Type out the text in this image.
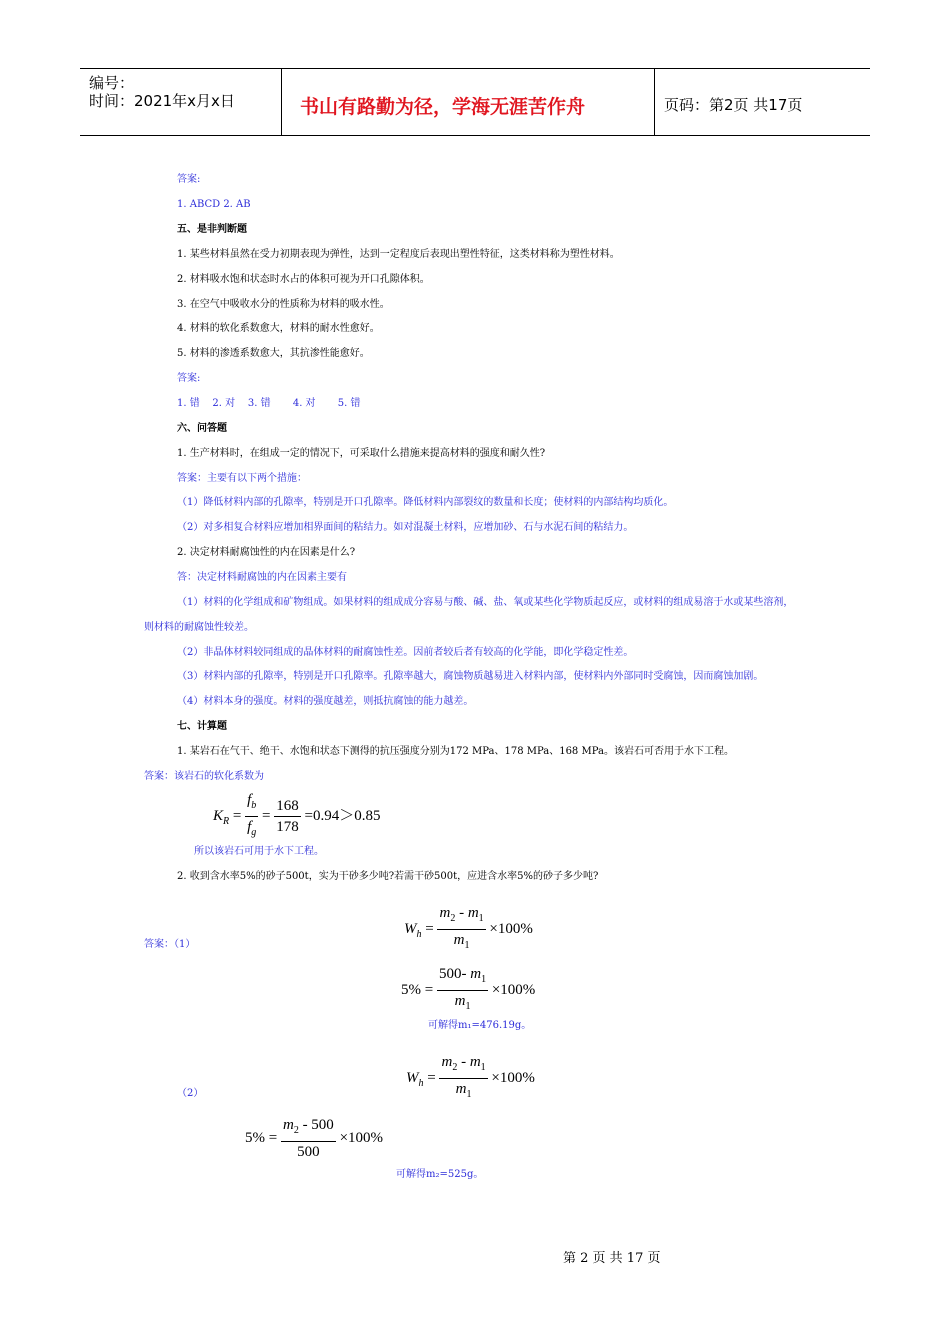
编号：
时间：2021年x月x日	书山有路勤为径，学海无涯苦作舟	页码：第2页 共17页
答案:
1. ABCD 2. AB
五、是非判断题
1. 某些材料虽然在受力初期表现为弹性，达到一定程度后表现出塑性特征，这类材料称为塑性材料。
2. 材料吸水饱和状态时水占的体积可视为开口孔隙体积。
3. 在空气中吸收水分的性质称为材料的吸水性。
4. 材料的软化系数愈大，材料的耐水性愈好。
5. 材料的渗透系数愈大，其抗渗性能愈好。
答案:
1. 错    2. 对    3. 错       4. 对       5. 错
六、问答题
1. 生产材料时，在组成一定的情况下，可采取什么措施来提高材料的强度和耐久性?
答案：主要有以下两个措施：
（1）降低材料内部的孔隙率，特别是开口孔隙率。降低材料内部裂纹的数量和长度；使材料的内部结构均质化。
（2）对多相复合材料应增加相界面间的粘结力。如对混凝土材料，应增加砂、石与水泥石间的粘结力。
2. 决定材料耐腐蚀性的内在因素是什么?
答：决定材料耐腐蚀的内在因素主要有
（1）材料的化学组成和矿物组成。如果材料的组成成分容易与酸、碱、盐、氧或某些化学物质起反应，或材料的组成易溶于水或某些溶剂，
则材料的耐腐蚀性较差。
（2）非晶体材料较同组成的晶体材料的耐腐蚀性差。因前者较后者有较高的化学能，即化学稳定性差。
（3）材料内部的孔隙率，特别是开口孔隙率。孔隙率越大，腐蚀物质越易进入材料内部，使材料内外部同时受腐蚀，因而腐蚀加剧。
（4）材料本身的强度。材料的强度越差，则抵抗腐蚀的能力越差。
七、计算题
1. 某岩石在气干、绝干、水饱和状态下测得的抗压强度分别为172 MPa、178 MPa、168 MPa。该岩石可否用于水下工程。
答案：该岩石的软化系数为
$K_R = \frac{f_b}{f_g} = \frac{168}{178} =0.94>0.85$
所以该岩石可用于水下工程。
2. 收到含水率5%的砂子500t，实为干砂多少吨?若需干砂500t，应进含水率5%的砂子多少吨?
$W_h = \frac{m_2 - m_1}{m_1} \times 100\%$
答案：（1）
$5\% = \frac{500- m_1}{m_1} \times 100\%$
可解得m₁=476.19g。
$W_h = \frac{m_2 - m_1}{m_1} \times 100\%$
（2）
$5\% = \frac{m_2 - 500}{500} \times 100\%$
可解得m₂=525g。
第 2 页 共 17 页
